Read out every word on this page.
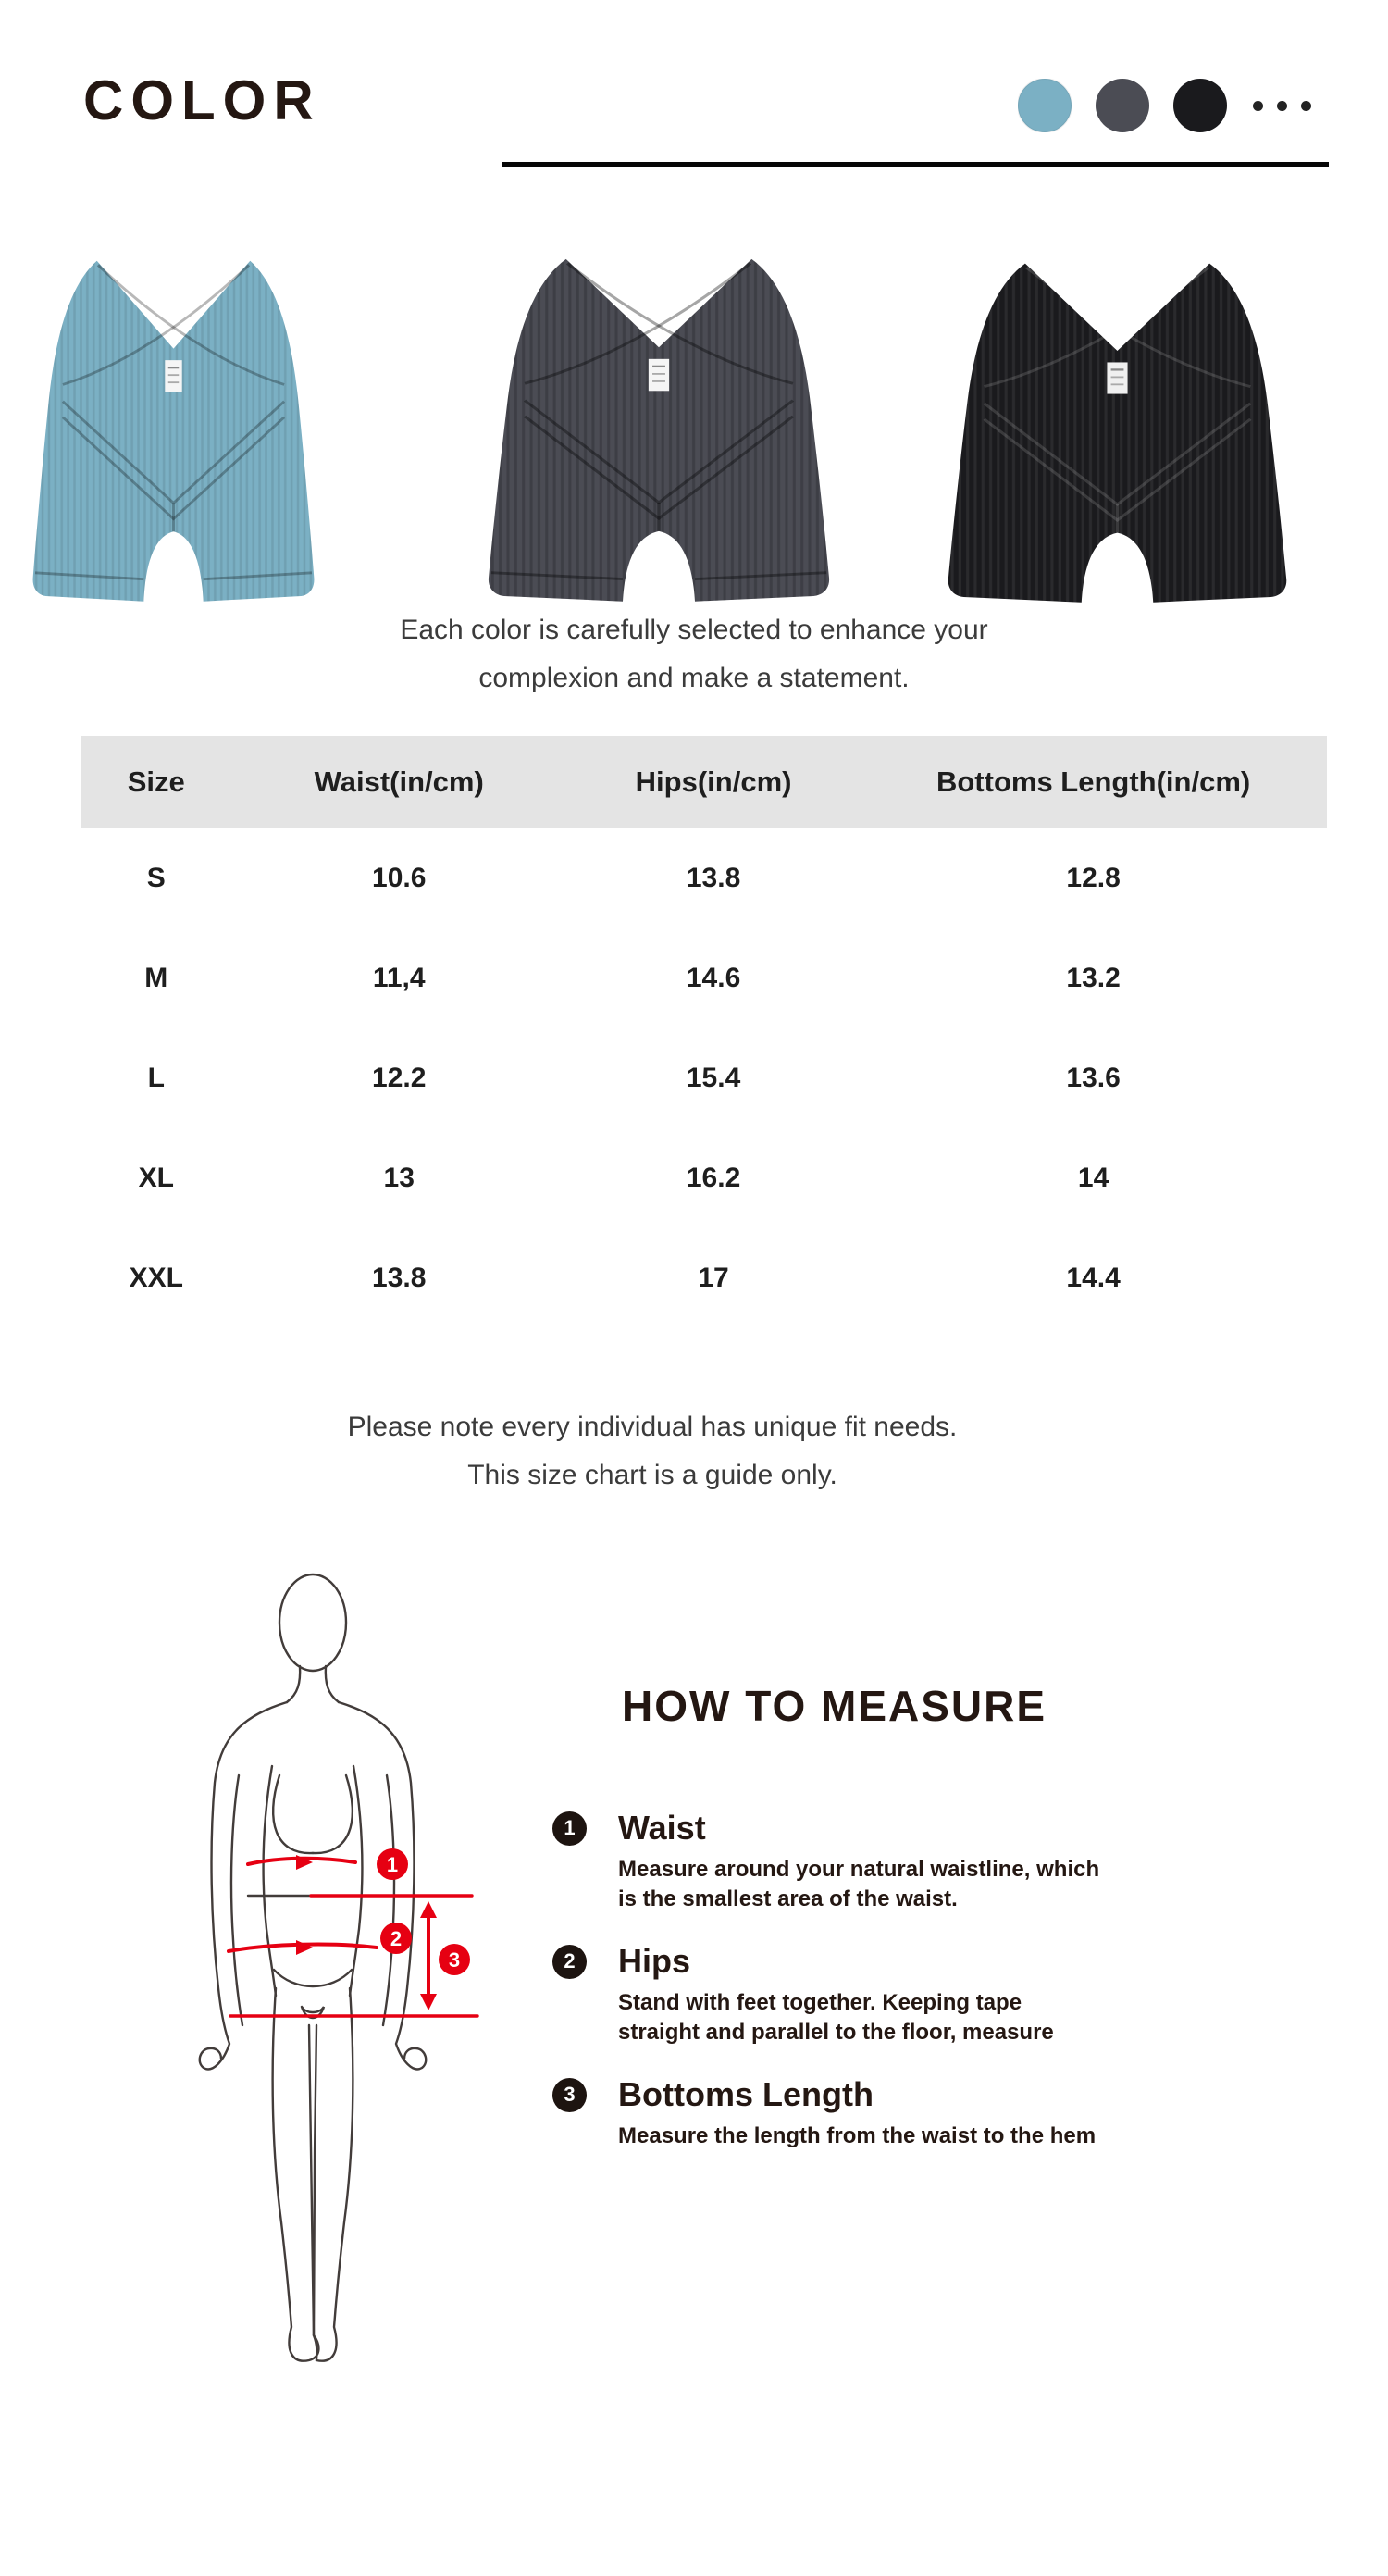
COLOR
Each color is carefully selected to enhance your
complexion and make a statement.
Size	Waist(in/cm)	Hips(in/cm)	Bottoms Length(in/cm)
S	10.6	13.8	12.8
M	11,4	14.6	13.2
L	12.2	15.4	13.6
XL	13	16.2	14
XXL	13.8	17	14.4
Please note every individual has unique fit needs.
This size chart is a guide only.
1
2
3
HOW TO MEASURE
1	Waist
Measure around your natural waistline, which
is the smallest area of the waist.
2	Hips
Stand with feet together. Keeping tape
straight and parallel to the floor, measure
3	Bottoms Length
Measure the length from the waist to the hem
